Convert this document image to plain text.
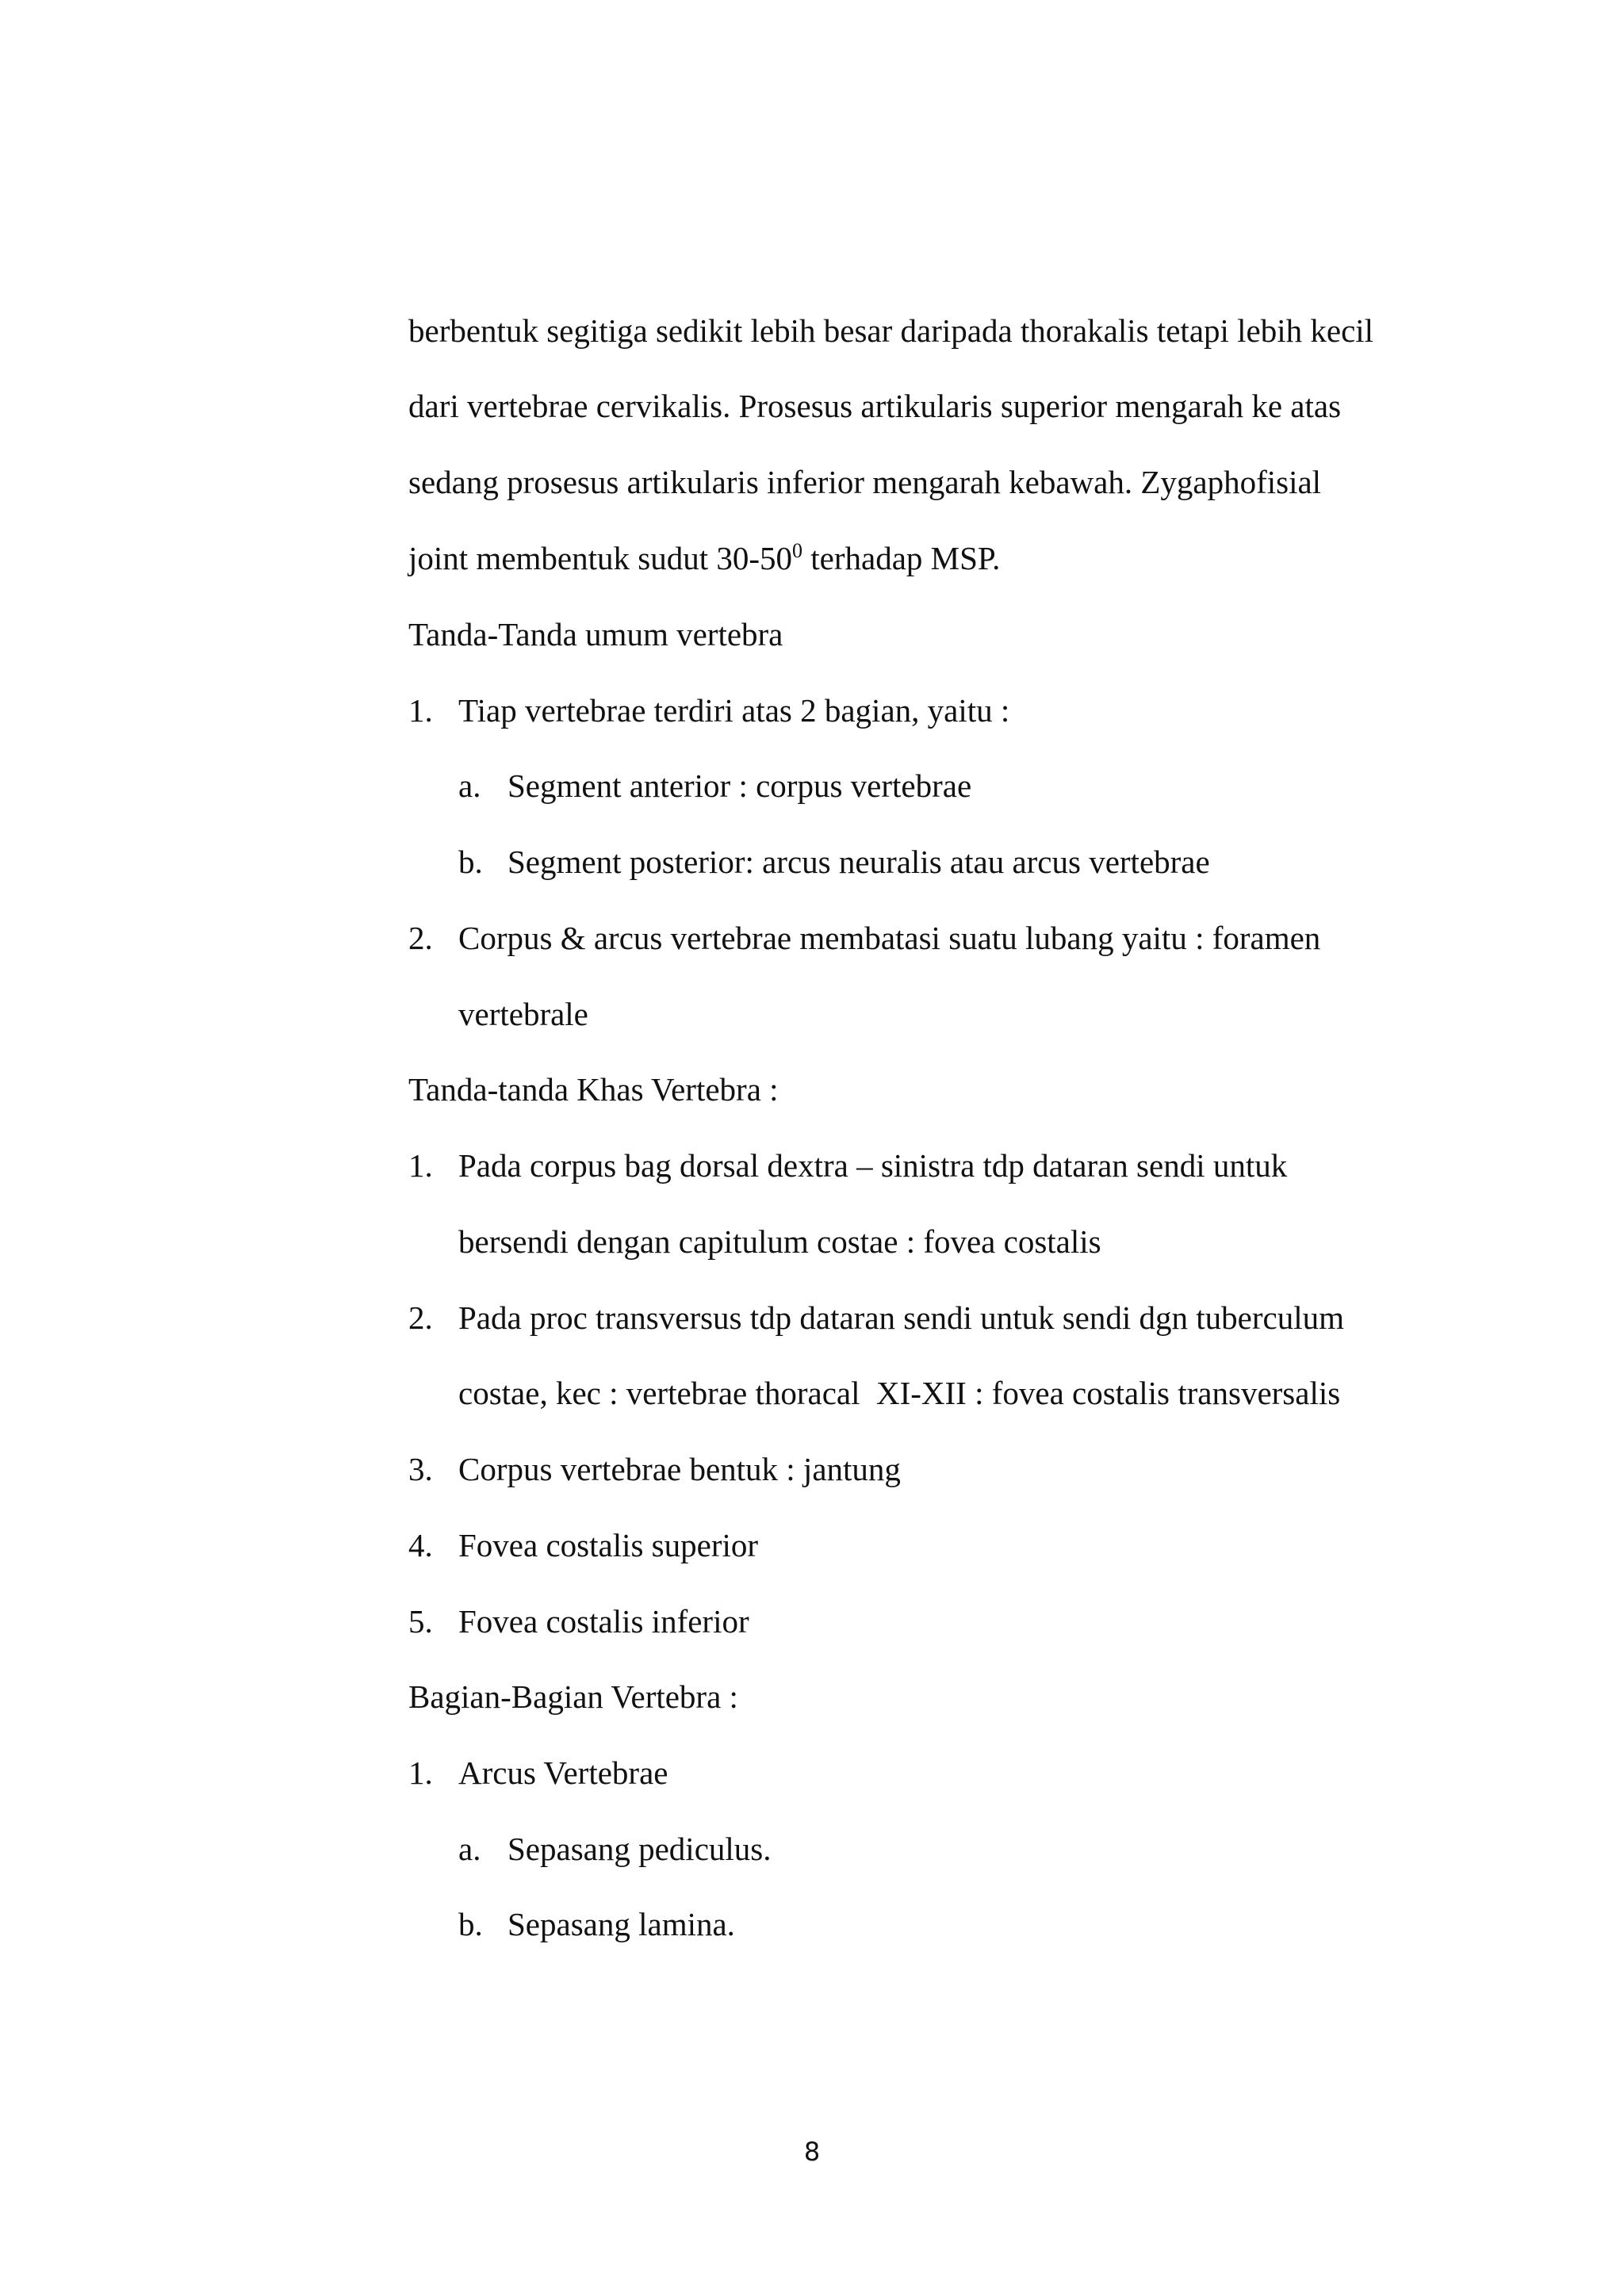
berbentuk segitiga sedikit lebih besar daripada thorakalis tetapi lebih kecil
dari vertebrae cervikalis. Prosesus artikularis superior mengarah ke atas
sedang prosesus artikularis inferior mengarah kebawah. Zygaphofisial
joint membentuk sudut $30-50^0$ terhadap MSP.
Tanda-Tanda umum vertebra
1. Tiap vertebrae terdiri atas 2 bagian, yaitu :
a. Segment anterior : corpus vertebrae
b. Segment posterior: arcus neuralis atau arcus vertebrae
2. Corpus & arcus vertebrae membatasi suatu lubang yaitu : foramen
vertebrale
Tanda-tanda Khas Vertebra :
1. Pada corpus bag dorsal dextra – sinistra tdp dataran sendi untuk
bersendi dengan capitulum costae : fovea costalis
2. Pada proc transversus tdp dataran sendi untuk sendi dgn tuberculum
costae, kec : vertebrae thoracal  XI-XII : fovea costalis transversalis
3. Corpus vertebrae bentuk : jantung
4. Fovea costalis superior
5. Fovea costalis inferior
Bagian-Bagian Vertebra :
1. Arcus Vertebrae
a. Sepasang pediculus.
b. Sepasang lamina.
8
